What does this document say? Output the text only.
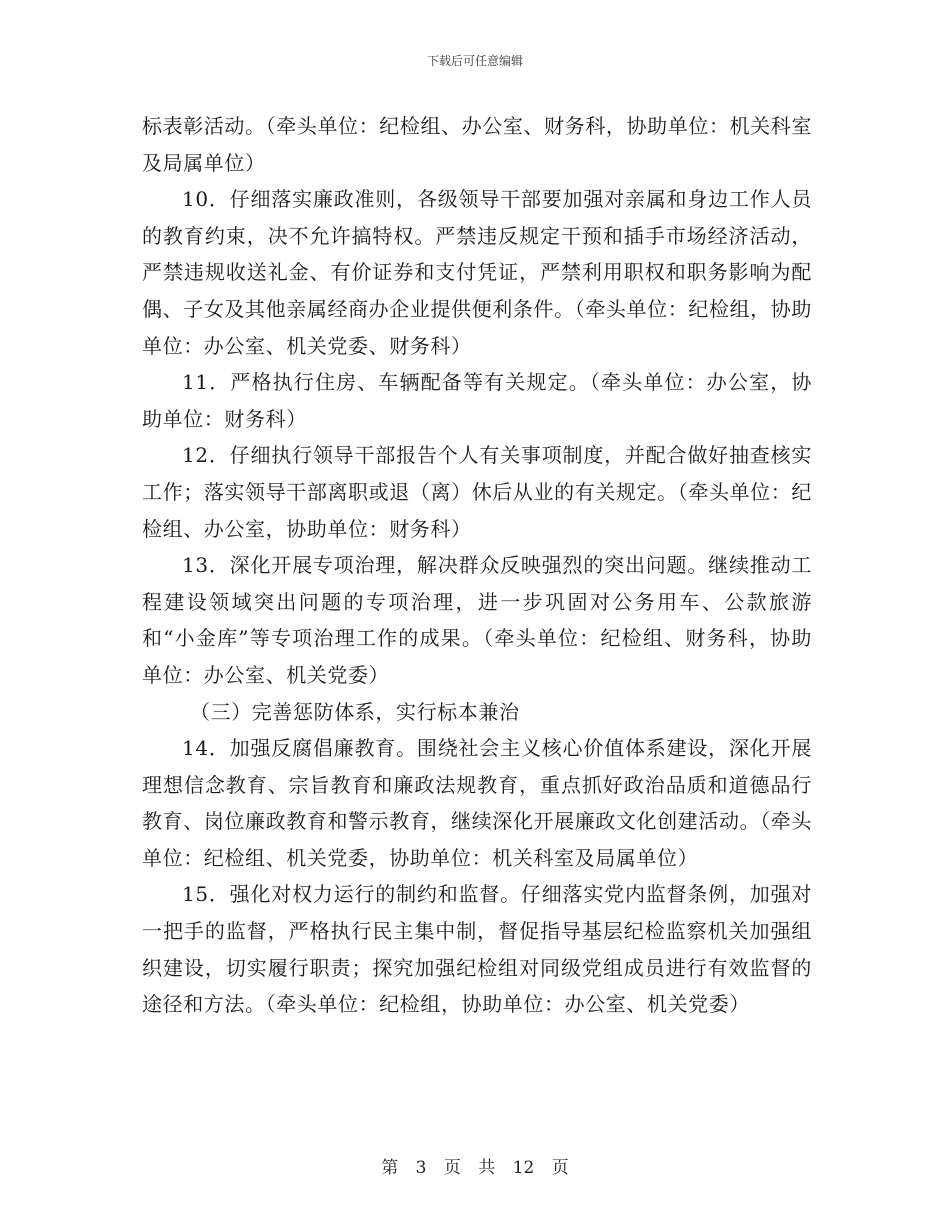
下载后可任意编辑

标表彰活动。（牵头单位：纪检组、办公室、财务科，协助单位：机关科室及局属单位）

10．仔细落实廉政准则，各级领导干部要加强对亲属和身边工作人员的教育约束，决不允许搞特权。严禁违反规定干预和插手市场经济活动，严禁违规收送礼金、有价证券和支付凭证，严禁利用职权和职务影响为配偶、子女及其他亲属经商办企业提供便利条件。（牵头单位：纪检组，协助单位：办公室、机关党委、财务科）

11．严格执行住房、车辆配备等有关规定。（牵头单位：办公室，协助单位：财务科）

12．仔细执行领导干部报告个人有关事项制度，并配合做好抽查核实工作；落实领导干部离职或退（离）休后从业的有关规定。（牵头单位：纪检组、办公室，协助单位：财务科）

13．深化开展专项治理，解决群众反映强烈的突出问题。继续推动工程建设领域突出问题的专项治理，进一步巩固对公务用车、公款旅游和“小金库”等专项治理工作的成果。（牵头单位：纪检组、财务科，协助单位：办公室、机关党委）

（三）完善惩防体系，实行标本兼治

14．加强反腐倡廉教育。围绕社会主义核心价值体系建设，深化开展理想信念教育、宗旨教育和廉政法规教育，重点抓好政治品质和道德品行教育、岗位廉政教育和警示教育，继续深化开展廉政文化创建活动。（牵头单位：纪检组、机关党委，协助单位：机关科室及局属单位）

15．强化对权力运行的制约和监督。仔细落实党内监督条例，加强对一把手的监督，严格执行民主集中制，督促指导基层纪检监察机关加强组织建设，切实履行职责；探究加强纪检组对同级党组成员进行有效监督的途径和方法。（牵头单位：纪检组，协助单位：办公室、机关党委）

第 3 页 共 12 页
